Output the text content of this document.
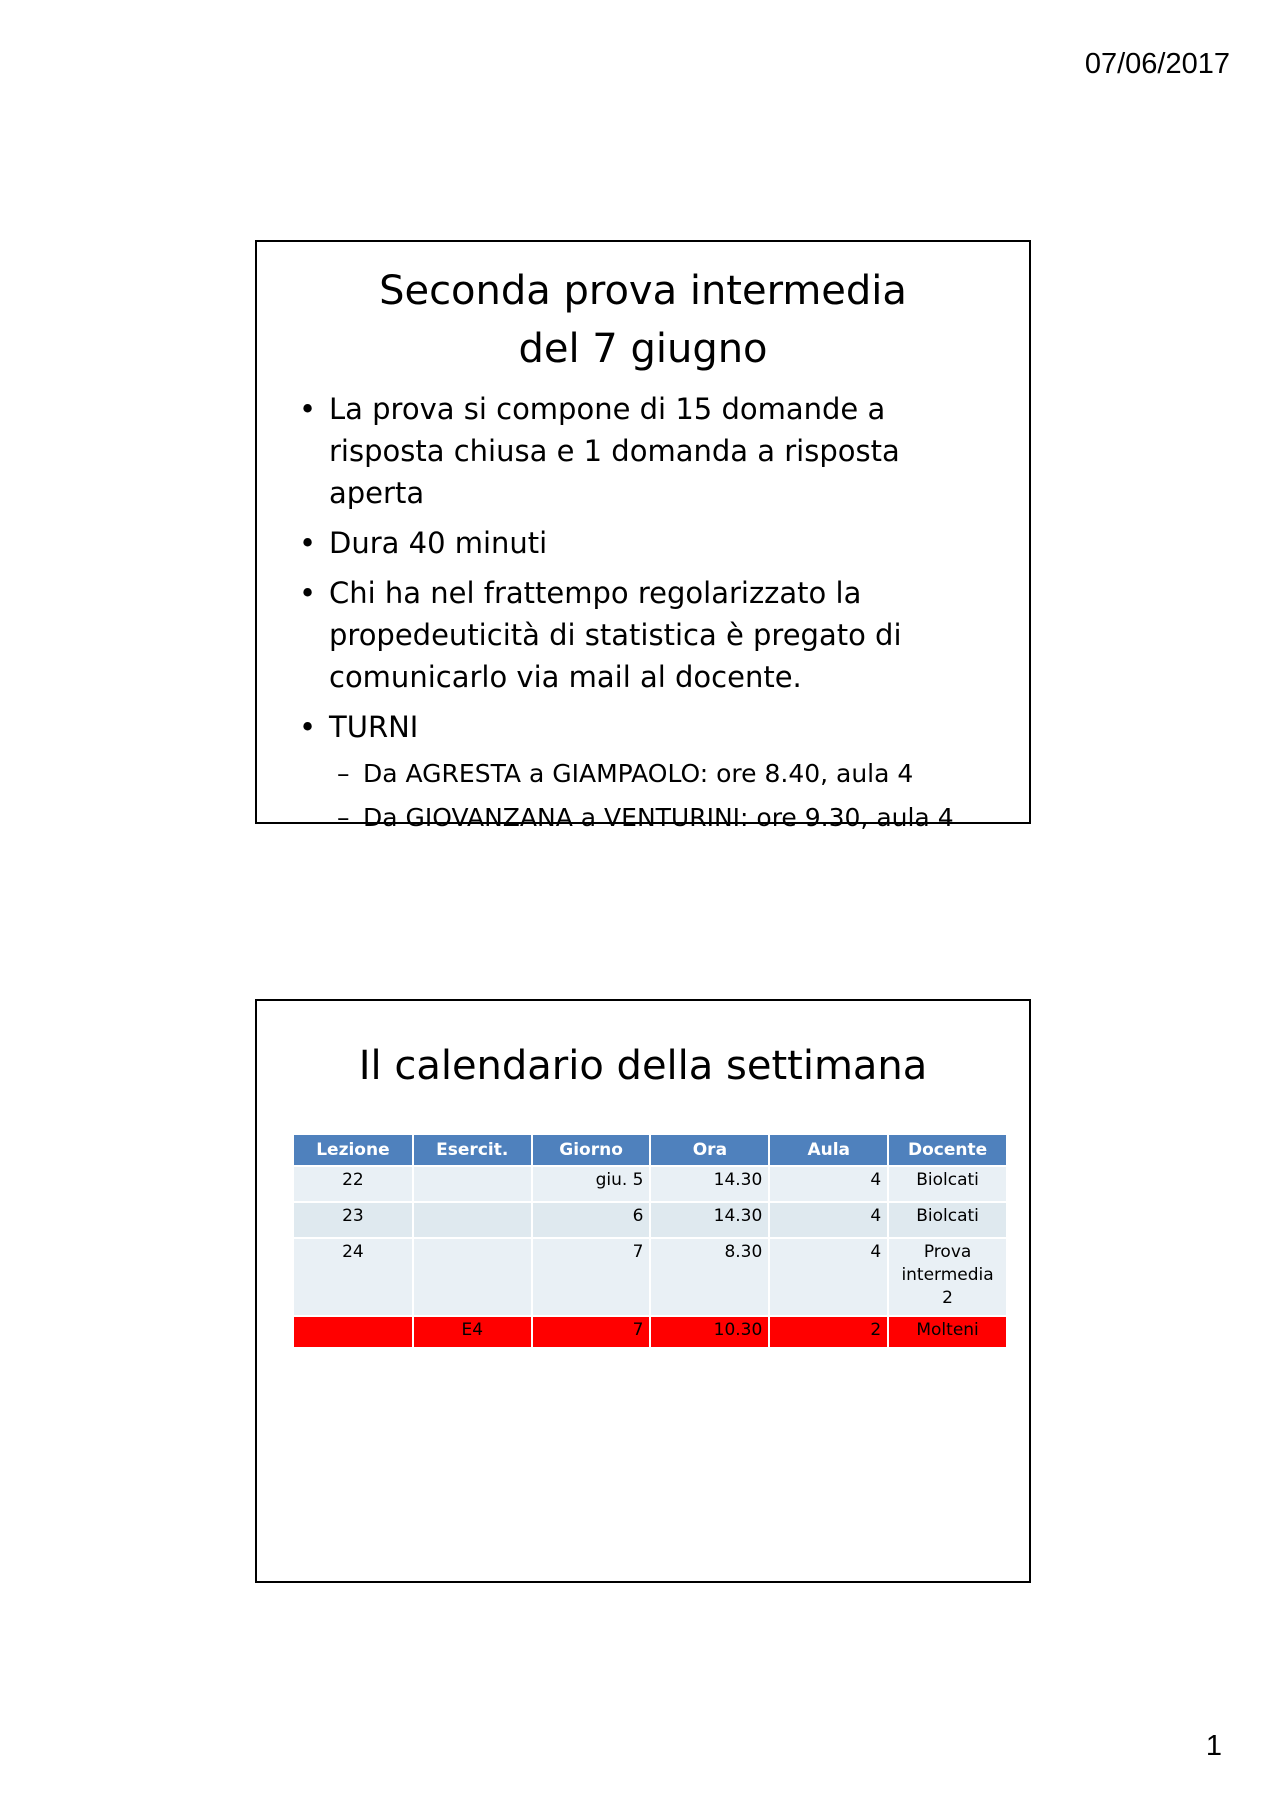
07/06/2017
Seconda prova intermedia
del 7 giugno
• La prova si compone di 15 domande a risposta chiusa e 1 domanda a risposta aperta
• Dura 40 minuti
• Chi ha nel frattempo regolarizzato la propedeuticità di statistica è pregato di comunicarlo via mail al docente.
• TURNI
– Da AGRESTA a GIAMPAOLO: ore 8.40, aula 4
– Da GIOVANZANA a VENTURINI: ore 9.30, aula 4
Il calendario della settimana
Lezione	Esercit.	Giorno	Ora	Aula	Docente
22		giu. 5	14.30	4	Biolcati
23		6	14.30	4	Biolcati
24		7	8.30	4	Prova intermedia 2
	E4	7	10.30	2	Molteni
1
